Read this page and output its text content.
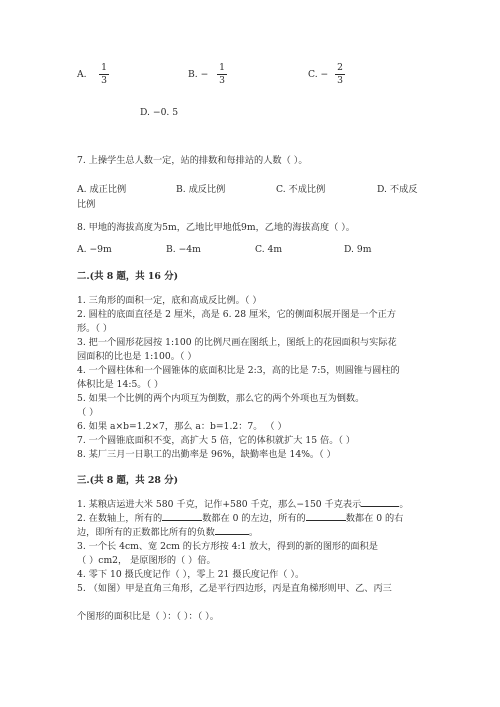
A.
1
3
B. −
1
3
C. −
2
3
D. −0. 5
7. 上操学生总人数一定，站的排数和每排站的人数（ ）。
A. 成正比例	B. 成反比例	C. 不成比例	D. 不成反
比例
8. 甲地的海拔高度为5m，乙地比甲地低9m，乙地的海拔高度（ ）。
A. −9m	B. −4m	C. 4m	D. 9m
二.(共 8 题，共 16 分)
1. 三角形的面积一定，底和高成反比例。（ ）
2. 圆柱的底面直径是 2 厘米，高是 6. 28 厘米，它的侧面积展开图是一个正方
形。（ ）
3. 把一个圆形花园按 1:100 的比例尺画在图纸上，图纸上的花园面积与实际花
园面积的比也是 1:100。（ ）
4. 一个圆柱体和一个圆锥体的底面积比是 2:3，高的比是 7:5，则圆锥与圆柱的
体积比是 14:5。（ ）
5. 如果一个比例的两个内项互为倒数，那么它的两个外项也互为倒数。
（ ）
6. 如果 a×b=1.2×7，那么 a：b=1.2：7。 （ ）
7. 一个圆锥底面积不变，高扩大 5 倍，它的体积就扩大 15 倍。（ ）
8. 某厂三月一日职工的出勤率是 96%，缺勤率也是 14%。（ ）
三.(共 8 题，共 28 分)
1. 某粮店运进大米 580 千克，记作+580 千克，那么−150 千克表示	。
2. 在数轴上，所有的	数都在 0 的左边，所有的	数都在 0 的右
边，即所有的正数都比所有的负数	。
3. 一个长 4cm、宽 2cm 的长方形按 4:1 放大，得到的新的图形的面积是
（ ）cm2， 是原图形的（ ）倍。
4. 零下 10 摄氏度记作（ ），零上 21 摄氏度记作（ ）。
5. （如图）甲是直角三角形，乙是平行四边形，丙是直角梯形则甲、乙、丙三
个图形的面积比是（ ）：（ ）：（ ）。
